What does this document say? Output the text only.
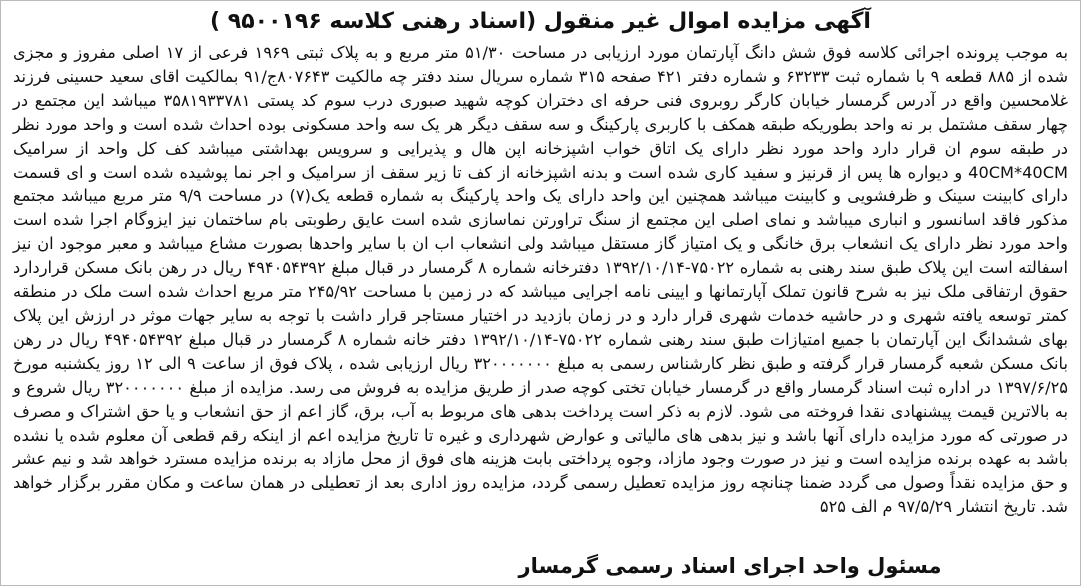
آگهی مزایده اموال غیر منقول (اسناد رهنی کلاسه ۹۵۰۰۱۹۶ )
به موجب پرونده اجرائی کلاسه فوق شش دانگ آپارتمان مورد ارزیابی در مساحت ۵۱/۳۰ متر مربع و به پلاک ثبتی ۱۹۶۹ فرعی از ۱۷ اصلی مفروز و مجزی شده از ۸۸۵ قطعه ۹ با شماره ثبت ۶۳۲۳۳ و شماره دفتر ۴۲۱ صفحه ۳۱۵ شماره سریال سند دفتر چه مالکیت ۸۰۷۶۴۳ج/۹۱ بمالکیت اقای سعید حسینی فرزند غلامحسین واقع در آدرس گرمسار خیابان کارگر روبروی فنی حرفه ای دختران کوچه شهید صبوری درب سوم کد پستی ۳۵۸۱۹۳۳۷۸۱ میباشد این مجتمع در چهار سقف مشتمل بر نه واحد بطوریکه طبقه همکف با کاربری پارکینگ و سه سقف دیگر هر یک سه واحد مسکونی بوده احداث شده است و واحد مورد نظر در طبقه سوم ان قرار دارد واحد مورد نظر دارای یک اتاق خواب اشپزخانه اپن هال و پذیرایی و سرویس بهداشتی میباشد کف کل واحد از سرامیک 40CM*40CM و دیواره ها پس از قرنیز و سفید کاری شده است و بدنه اشپزخانه از کف تا زیر سقف از سرامیک و اجر نما پوشیده شده است و ای قسمت دارای کابینت سینک و ظرفشویی و کابینت میباشد همچنین این واحد دارای یک واحد پارکینگ به شماره قطعه یک(۷) در مساحت ۹/۹ متر مربع میباشد مجتمع مذکور فاقد اسانسور و انباری میباشد و نمای اصلی این مجتمع از سنگ تراورتن نماسازی شده است عایق رطوبتی بام ساختمان نیز ایزوگام اجرا شده است واحد مورد نظر دارای یک انشعاب برق خانگی و یک امتیاز گاز مستقل میباشد ولی انشعاب اب ان با سایر واحدها بصورت مشاع میباشد و معبر موجود ان نیز اسفالته است این پلاک طبق سند رهنی به شماره ۷۵۰۲۲-۱۳۹۲/۱۰/۱۴ دفترخانه شماره ۸ گرمسار در قبال مبلغ ۴۹۴۰۵۴۳۹۲ ریال در رهن بانک مسکن قراردارد حقوق ارتفاقی ملک نیز به شرح قانون تملک آپارتمانها و ایینی نامه اجرایی میباشد که در زمین با مساحت ۲۴۵/۹۲ متر مربع احداث شده است ملک در منطقه کمتر توسعه یافته شهری و در حاشیه خدمات شهری قرار دارد و در زمان بازدید در اختیار مستاجر قرار داشت با توجه به سایر جهات موثر در ارزش این پلاک بهای ششدانگ این آپارتمان با جمیع امتیازات طبق سند رهنی شماره ۷۵۰۲۲-۱۳۹۲/۱۰/۱۴ دفتر خانه شماره ۸ گرمسار در قبال مبلغ ۴۹۴۰۵۴۳۹۲ ریال در رهن بانک مسکن شعبه گرمسار قرار گرفته و طبق نظر کارشناس رسمی به مبلغ ۳۲۰۰۰۰۰۰۰ ریال ارزیابی شده ، پلاک فوق از ساعت ۹ الی ۱۲ روز یکشنبه مورخ ۱۳۹۷/۶/۲۵ در اداره ثبت اسناد گرمسار واقع در گرمسار خیابان تختی کوچه صدر از طریق مزایده به فروش می رسد. مزایده از مبلغ ۳۲۰۰۰۰۰۰۰ ریال شروع و به بالاترین قیمت پیشنهادی نقدا فروخته می شود. لازم به ذکر است پرداخت بدهی های مربوط به آب، برق، گاز اعم از حق انشعاب و یا حق اشتراک و مصرف در صورتی که مورد مزایده دارای آنها باشد و نیز بدهی های مالیاتی و عوارض شهرداری و غیره تا تاریخ مزایده اعم از اینکه رقم قطعی آن معلوم شده یا نشده باشد به عهده برنده مزایده است و نیز در صورت وجود مازاد، وجوه پرداختی بابت هزینه های فوق از محل مازاد به برنده مزایده مسترد خواهد شد و نیم عشر و حق مزایده نقداً وصول می گردد ضمنا چنانچه روز مزایده تعطیل رسمی گردد، مزایده روز اداری بعد از تعطیلی در همان ساعت و مکان مقرر برگزار خواهد شد. تاریخ انتشار ۹۷/۵/۲۹ م الف ۵۲۵
مسئول واحد اجرای اسناد رسمی گرمسار
